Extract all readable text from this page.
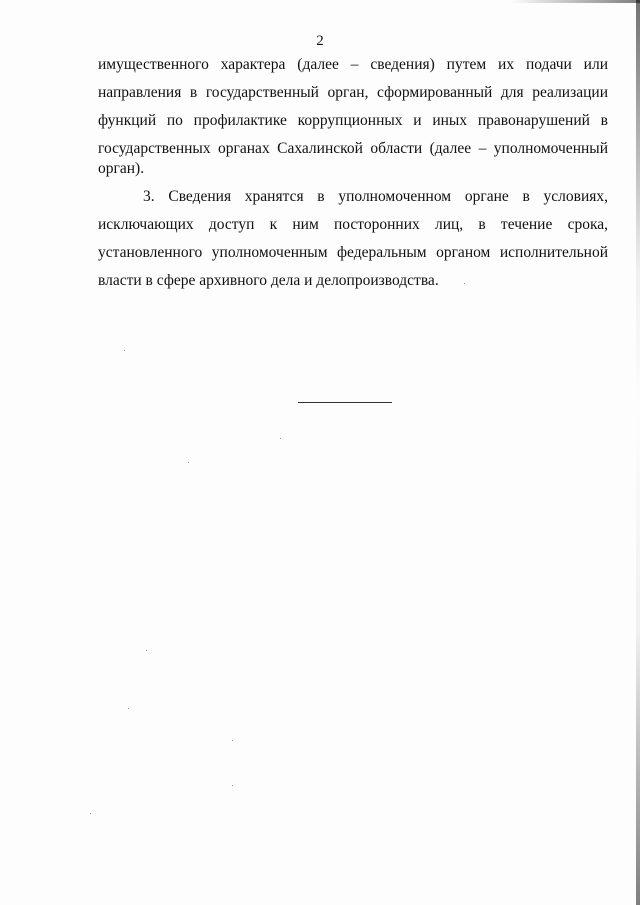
2
имущественного характера (далее – сведения) путем их подачи или
направления в государственный орган, сформированный для реализации
функций по профилактике коррупционных и иных правонарушений в
государственных органах Сахалинской области (далее – уполномоченный
орган).
3. Сведения хранятся в уполномоченном органе в условиях,
исключающих доступ к ним посторонних лиц, в течение срока,
установленного уполномоченным федеральным органом исполнительной
власти в сфере архивного дела и делопроизводства.
